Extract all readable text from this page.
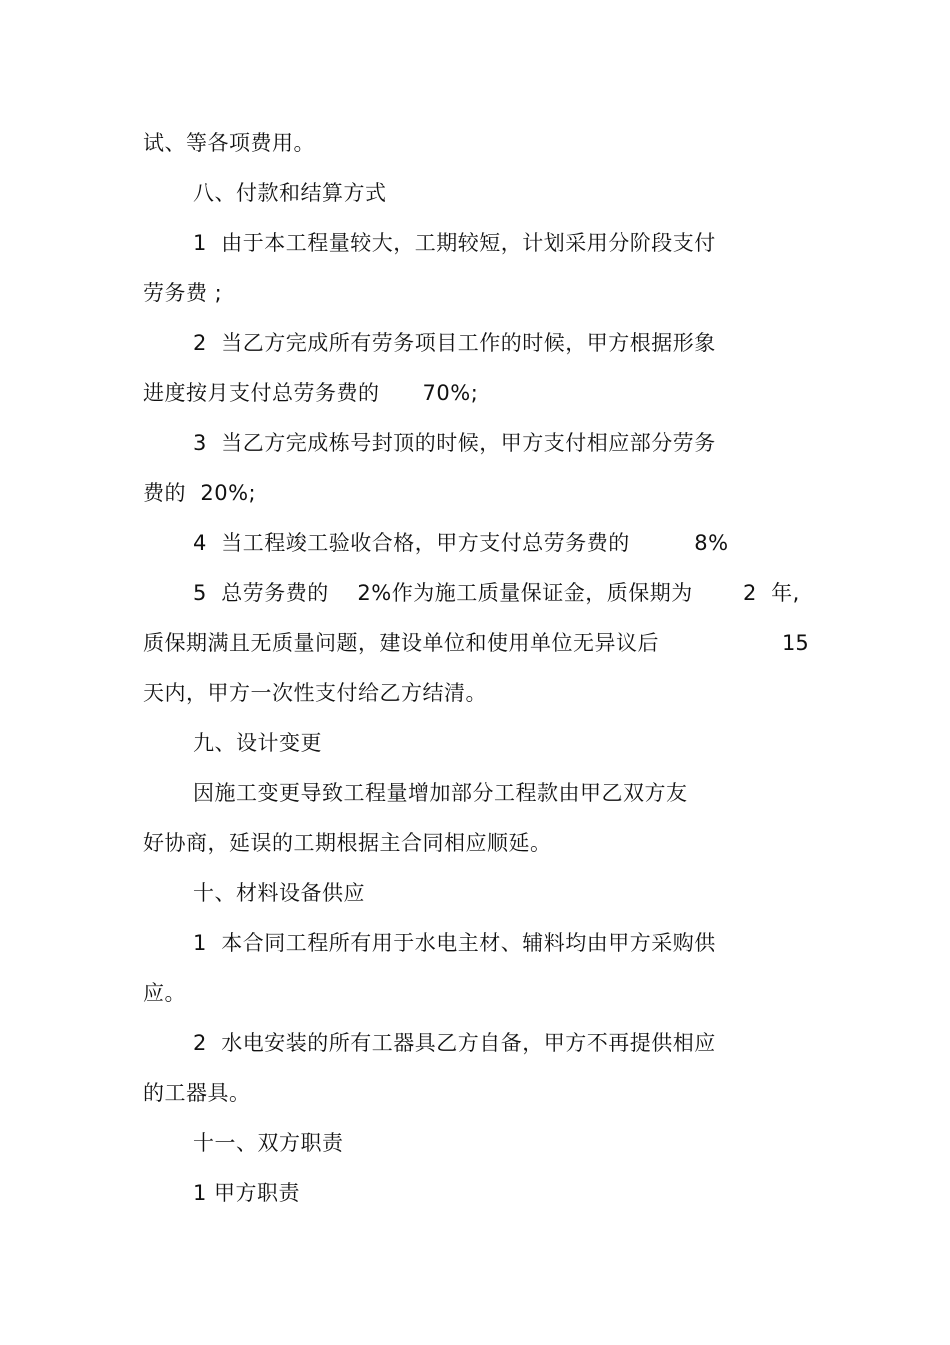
试、等各项费用。
八、付款和结算方式
1  由于本工程量较大，工期较短，计划采用分阶段支付
劳务费 ;
2  当乙方完成所有劳务项目工作的时候，甲方根据形象
进度按月支付总劳务费的      70%;
3  当乙方完成栋号封顶的时候，甲方支付相应部分劳务
费的  20%;
4  当工程竣工验收合格，甲方支付总劳务费的         8%
5  总劳务费的    2%作为施工质量保证金，质保期为       2  年,
质保期满且无质量问题，建设单位和使用单位无异议后	15
天内，甲方一次性支付给乙方结清。
九、设计变更
因施工变更导致工程量增加部分工程款由甲乙双方友
好协商，延误的工期根据主合同相应顺延。
十、材料设备供应
1  本合同工程所有用于水电主材、辅料均由甲方采购供
应。
2  水电安装的所有工器具乙方自备，甲方不再提供相应
的工器具。
十一、双方职责
1 甲方职责
